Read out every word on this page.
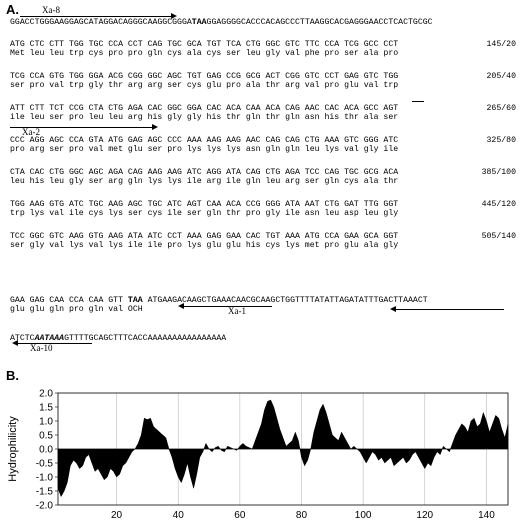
A.	Xa-8
GGACCTGGGAAGGAGCATAGGACAGGGCAAGGCGGGATAAGGAGGGGCACCCACAGCCCTTAAGGCACGAGGGAACCTCACTGCGC
ATG CTC CTT TGG TGC CCA CCT CAG TGC GCA TGT TCA CTG GGC GTC TTC CCA TCG GCC CCT
Met leu leu trp cys pro pro gln cys ala cys ser leu gly val phe pro ser ala pro
145/20
TCG CCA GTG TGG GGA ACG CGG GGC AGC TGT GAG CCG GCG ACT CGG GTC CCT GAG GTC TGG
ser pro val trp gly thr arg arg ser cys glu pro ala thr arg val pro glu val trp
205/40
ATT CTT TCT CCG CTA CTG AGA CAC GGC GGA CAC ACA CAA ACA CAG AAC CAC ACA GCC AGT
ile leu ser pro leu leu arg his gly gly his thr gln thr gln asn his thr ala ser
265/60
Xa-2
CCC AGG AGC CCA GTA ATG GAG AGC CCC AAA AAG AAG AAC CAG CAG CTG AAA GTC GGG ATC
pro arg ser pro val met glu ser pro lys lys lys asn gln gln leu lys val gly ile
325/80
CTA CAC CTG GGC AGC AGA CAG AAG AAG ATC AGG ATA CAG CTG AGA TCC CAG TGC GCG ACA
leu his leu gly ser arg gln lys lys ile arg ile gln leu arg ser gln cys ala thr
385/100
TGG AAG GTG ATC TGC AAG AGC TGC ATC AGT CAA ACA CCG GGG ATA AAT CTG GAT TTG GGT
trp lys val ile cys lys ser cys ile ser gln thr pro gly ile asn leu asp leu gly
445/120
TCC GGC GTC AAG GTG AAG ATA ATC CCT AAA GAG GAA CAC TGT AAA ATG CCA GAA GCA GGT
ser gly val lys val lys ile ile pro lys glu glu his cys lys met pro glu ala gly
505/140
GAA GAG CAA CCA CAA GTT TAA ATGAAGACAAGCTGAAACAACGCAAGCTGGTTTTATATTAGATATTTGACTTAAACT
glu glu gln pro gln val OCH	Xa-1
ATCTCAATAAAGTTTTGCAGCTTTCACCAAAAAAAAAAAAAAAA
Xa-10
B.
-2.0
-1.5
-1.0
-0.5
0.0
0.5
1.0
1.5
2.0
20	40	60	80	100	120	140
Hydrophilicity
